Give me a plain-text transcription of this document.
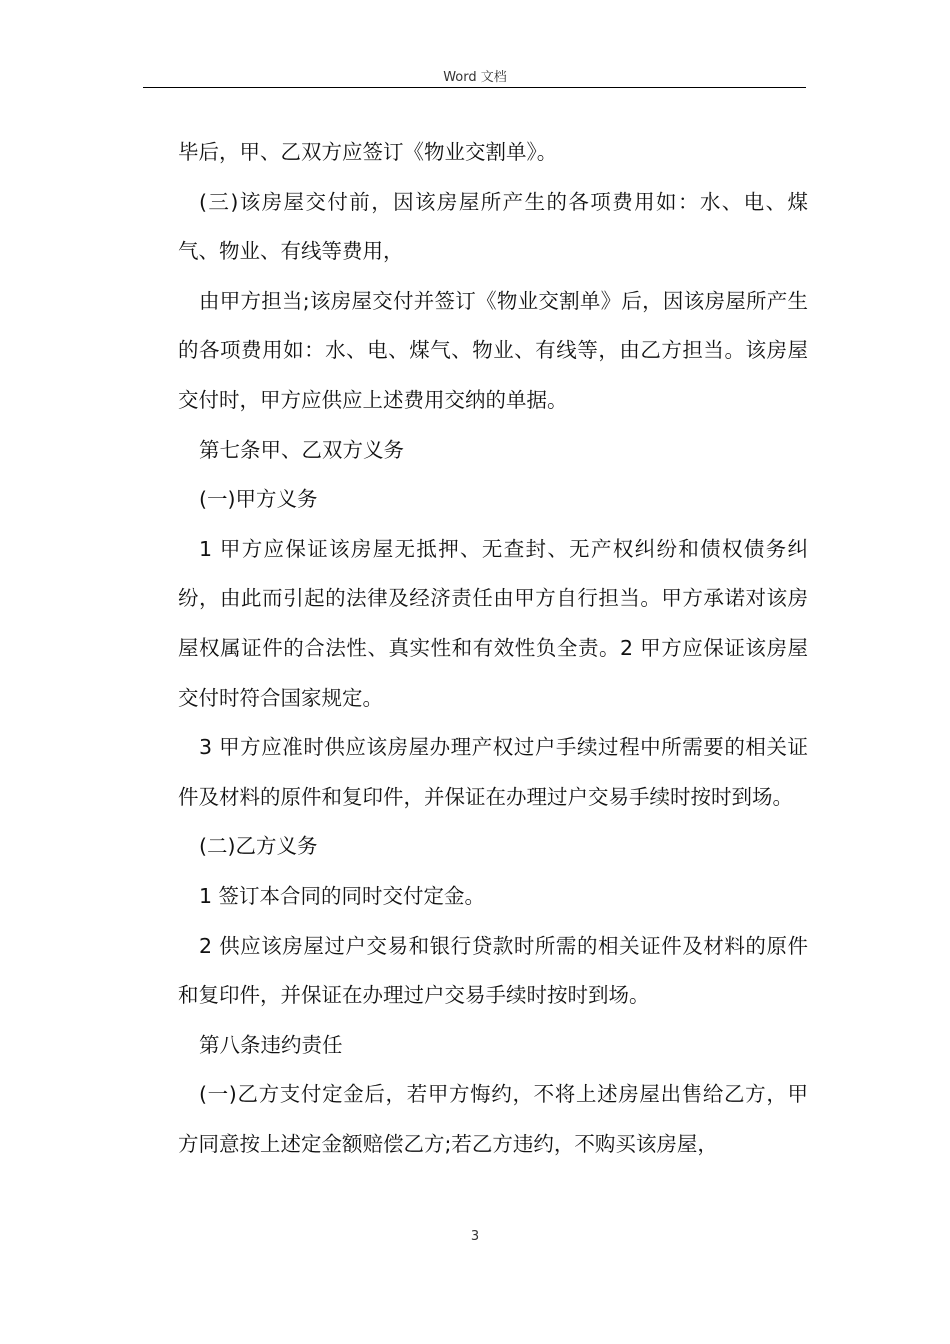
Word 文档

毕后，甲、乙双方应签订《物业交割单》。

(三)该房屋交付前，因该房屋所产生的各项费用如：水、电、煤气、物业、有线等费用，

由甲方担当;该房屋交付并签订《物业交割单》后，因该房屋所产生的各项费用如：水、电、煤气、物业、有线等，由乙方担当。该房屋交付时，甲方应供应上述费用交纳的单据。

第七条甲、乙双方义务

(一)甲方义务

1 甲方应保证该房屋无抵押、无查封、无产权纠纷和债权债务纠纷，由此而引起的法律及经济责任由甲方自行担当。甲方承诺对该房屋权属证件的合法性、真实性和有效性负全责。2 甲方应保证该房屋交付时符合国家规定。

3 甲方应准时供应该房屋办理产权过户手续过程中所需要的相关证件及材料的原件和复印件，并保证在办理过户交易手续时按时到场。

(二)乙方义务

1 签订本合同的同时交付定金。

2 供应该房屋过户交易和银行贷款时所需的相关证件及材料的原件和复印件，并保证在办理过户交易手续时按时到场。

第八条违约责任

(一)乙方支付定金后，若甲方悔约，不将上述房屋出售给乙方，甲方同意按上述定金额赔偿乙方;若乙方违约，不购买该房屋，

3
